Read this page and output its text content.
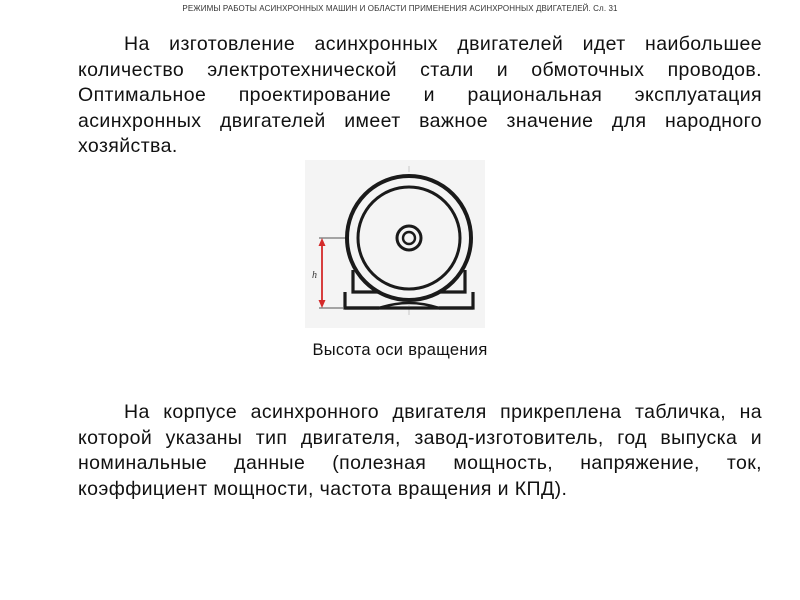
РЕЖИМЫ РАБОТЫ АСИНХРОННЫХ МАШИН И ОБЛАСТИ ПРИМЕНЕНИЯ АСИНХРОННЫХ ДВИГАТЕЛЕЙ. Сл. 31

На изготовление асинхронных двигателей идет наибольшее количество электротехнической стали и обмоточных проводов. Оптимальное проектирование и рациональная эксплуатация асинхронных двигателей имеет важное значение для народного хозяйства.

h
Высота оси вращения

На корпусе асинхронного двигателя прикреплена табличка, на которой указаны тип двигателя, завод-изготовитель, год выпуска и номинальные данные (полезная мощность, напряжение, ток, коэффициент мощности, частота вращения и КПД).
